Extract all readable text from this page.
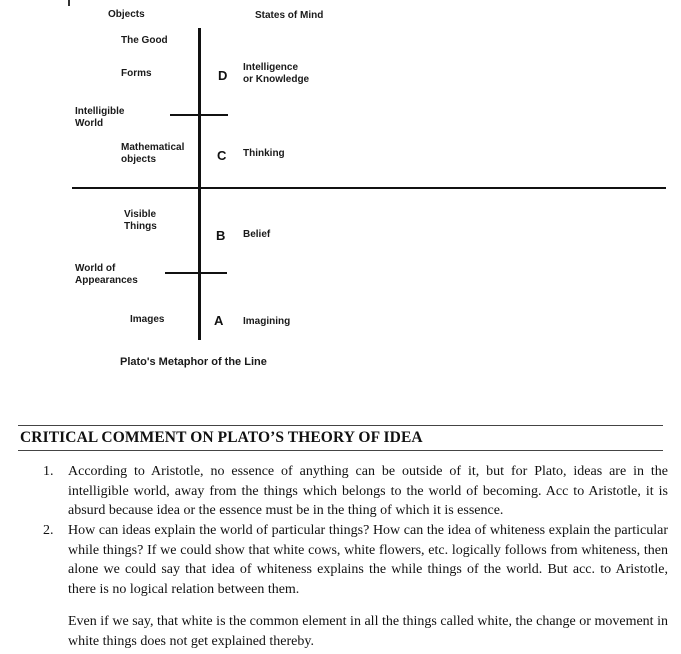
Objects	States of Mind
The Good
Forms
Mathematical
objects
Visible
Things
Images
Intelligible
World
World of
Appearances
D
C
B
A
Intelligence
or Knowledge
Thinking
Belief
Imagining
Plato's Metaphor of the Line
CRITICAL COMMENT ON PLATO’S THEORY OF IDEA
1. According to Aristotle, no essence of anything can be outside of it, but for Plato, ideas are in the intelligible world, away from the things which belongs to the world of becoming. Acc to Aristotle, it is absurd because idea or the essence must be in the thing of which it is essence.
2. How can ideas explain the world of particular things? How can the idea of whiteness explain the particular while things? If we could show that white cows, white flowers, etc. logically follows from whiteness, then alone we could say that idea of whiteness explains the while things of the world. But acc. to Aristotle, there is no logical relation between them.
Even if we say, that white is the common element in all the things called white, the change or movement in white things does not get explained thereby.
